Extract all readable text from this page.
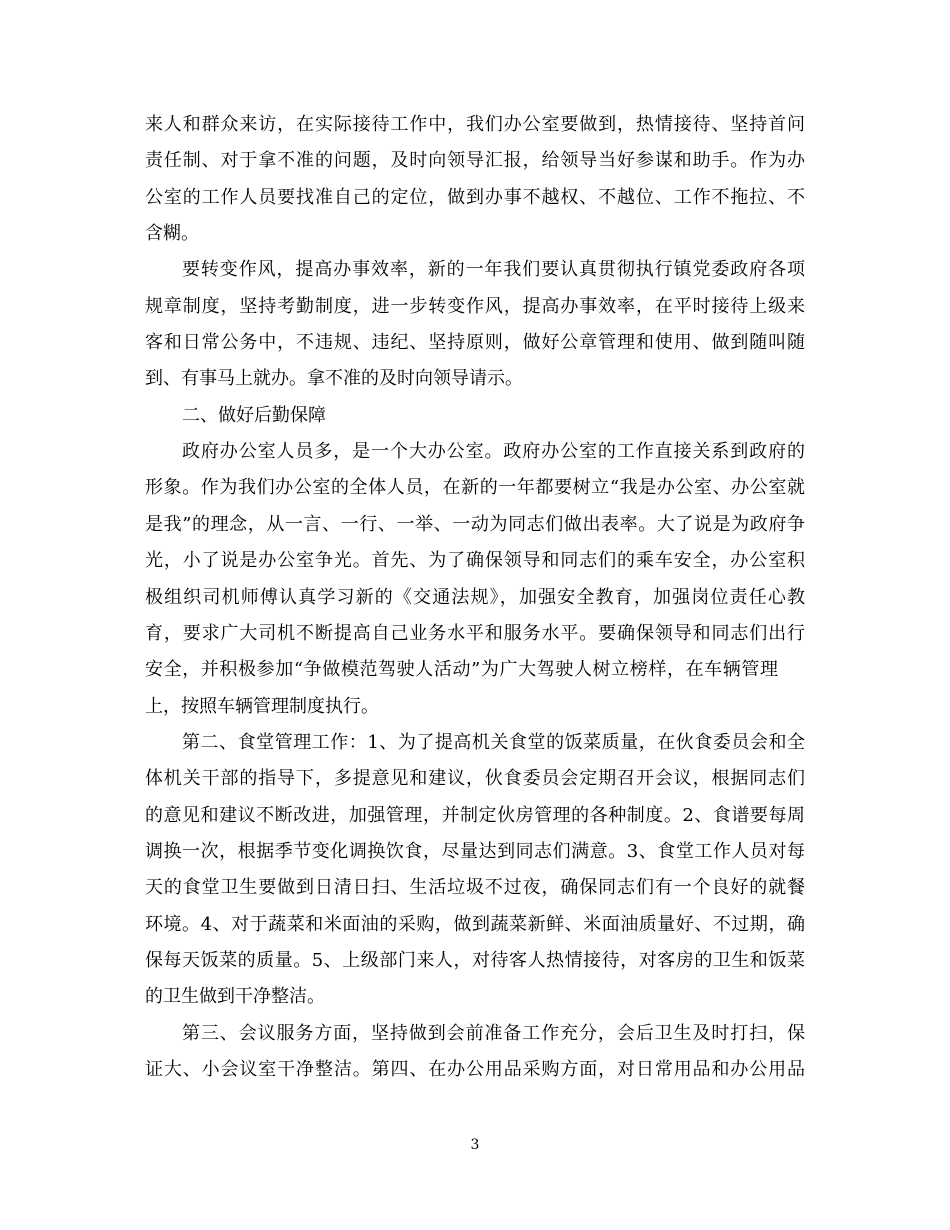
来人和群众来访，在实际接待工作中，我们办公室要做到，热情接待、坚持首问
责任制、对于拿不准的问题，及时向领导汇报，给领导当好参谋和助手。作为办
公室的工作人员要找准自己的定位，做到办事不越权、不越位、工作不拖拉、不
含糊。
要转变作风，提高办事效率，新的一年我们要认真贯彻执行镇党委政府各项
规章制度，坚持考勤制度，进一步转变作风，提高办事效率，在平时接待上级来
客和日常公务中，不违规、违纪、坚持原则，做好公章管理和使用、做到随叫随
到、有事马上就办。拿不准的及时向领导请示。
二、做好后勤保障
政府办公室人员多，是一个大办公室。政府办公室的工作直接关系到政府的
形象。作为我们办公室的全体人员，在新的一年都要树立“我是办公室、办公室就
是我”的理念，从一言、一行、一举、一动为同志们做出表率。大了说是为政府争
光，小了说是办公室争光。首先、为了确保领导和同志们的乘车安全，办公室积
极组织司机师傅认真学习新的《交通法规》，加强安全教育，加强岗位责任心教
育，要求广大司机不断提高自己业务水平和服务水平。要确保领导和同志们出行
安全，并积极参加“争做模范驾驶人活动”为广大驾驶人树立榜样，在车辆管理
上，按照车辆管理制度执行。
第二、食堂管理工作：1、为了提高机关食堂的饭菜质量，在伙食委员会和全
体机关干部的指导下，多提意见和建议，伙食委员会定期召开会议，根据同志们
的意见和建议不断改进，加强管理，并制定伙房管理的各种制度。2、食谱要每周
调换一次，根据季节变化调换饮食，尽量达到同志们满意。3、食堂工作人员对每
天的食堂卫生要做到日清日扫、生活垃圾不过夜，确保同志们有一个良好的就餐
环境。4、对于蔬菜和米面油的采购，做到蔬菜新鲜、米面油质量好、不过期，确
保每天饭菜的质量。5、上级部门来人，对待客人热情接待，对客房的卫生和饭菜
的卫生做到干净整洁。
第三、会议服务方面，坚持做到会前准备工作充分，会后卫生及时打扫，保
证大、小会议室干净整洁。第四、在办公用品采购方面，对日常用品和办公用品
3
